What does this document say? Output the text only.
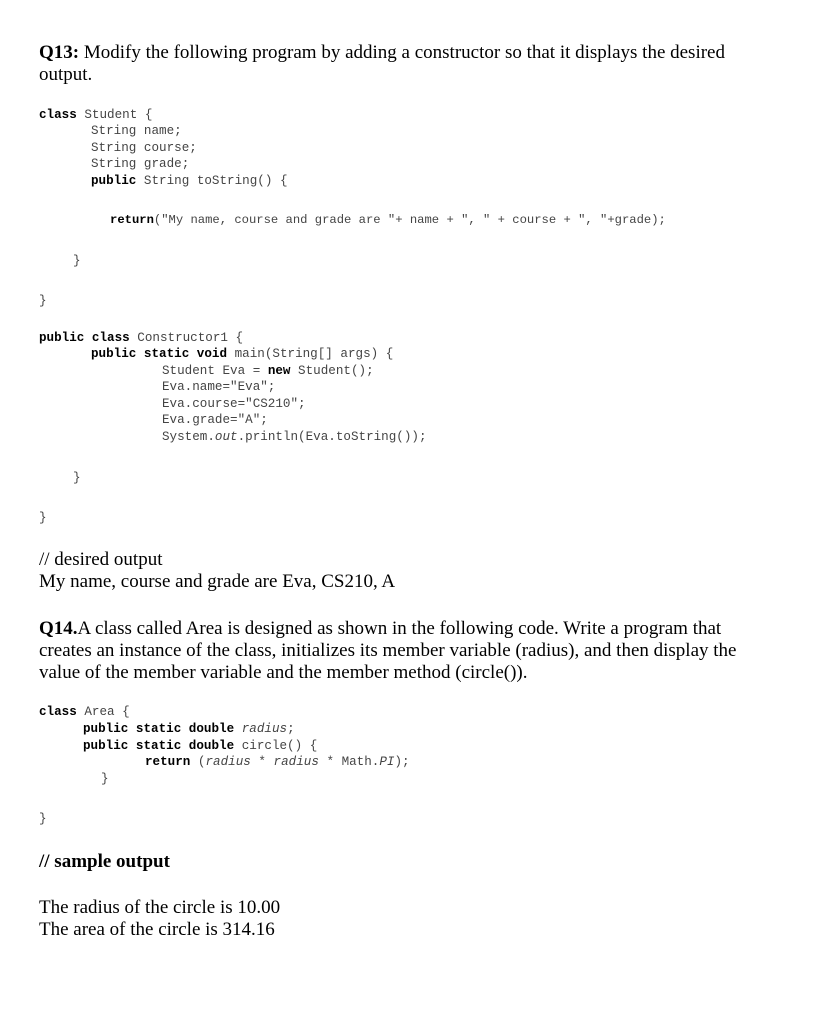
Q13: Modify the following program by adding a constructor so that it displays the desired
output.
class Student {
String name;
String course;
String grade;
public String toString() {
return("My name, course and grade are "+ name + ", " + course + ", "+grade);
}
}
public class Constructor1 {
public static void main(String[] args) {
Student Eva = new Student();
Eva.name="Eva";
Eva.course="CS210";
Eva.grade="A";
System.out.println(Eva.toString());
}
}
// desired output
My name, course and grade are Eva, CS210, A
Q14.A class called Area is designed as shown in the following code. Write a program that
creates an instance of the class, initializes its member variable (radius), and then display the
value of the member variable and the member method (circle()).
class Area {
public static double radius;
public static double circle() {
return (radius * radius * Math.PI);
}
}
// sample output
The radius of the circle is 10.00
The area of the circle is 314.16
